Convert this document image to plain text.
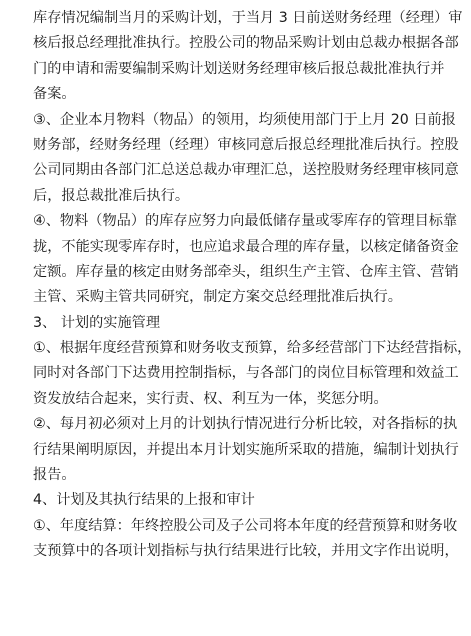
库存情况编制当月的采购计划，于当月 3 日前送财务经理（经理）审
核后报总经理批准执行。控股公司的物品采购计划由总裁办根据各部
门的申请和需要编制采购计划送财务经理审核后报总裁批准执行并
备案。
③、企业本月物料（物品）的领用，均须使用部门于上月 20 日前报
财务部，经财务经理（经理）审核同意后报总经理批准后执行。控股
公司同期由各部门汇总送总裁办审理汇总，送控股财务经理审核同意
后，报总裁批准后执行。
④、物料（物品）的库存应努力向最低储存量或零库存的管理目标靠
拢，不能实现零库存时，也应追求最合理的库存量，以核定储备资金
定额。库存量的核定由财务部牵头，组织生产主管、仓库主管、营销
主管、采购主管共同研究，制定方案交总经理批准后执行。
3、 计划的实施管理
①、根据年度经营预算和财务收支预算，给多经营部门下达经营指标，
同时对各部门下达费用控制指标，与各部门的岗位目标管理和效益工
资发放结合起来，实行责、权、利互为一体，奖惩分明。
②、每月初必须对上月的计划执行情况进行分析比较，对各指标的执
行结果阐明原因，并提出本月计划实施所采取的措施，编制计划执行
报告。
4、计划及其执行结果的上报和审计
①、年度结算：年终控股公司及子公司将本年度的经营预算和财务收
支预算中的各项计划指标与执行结果进行比较，并用文字作出说明，
